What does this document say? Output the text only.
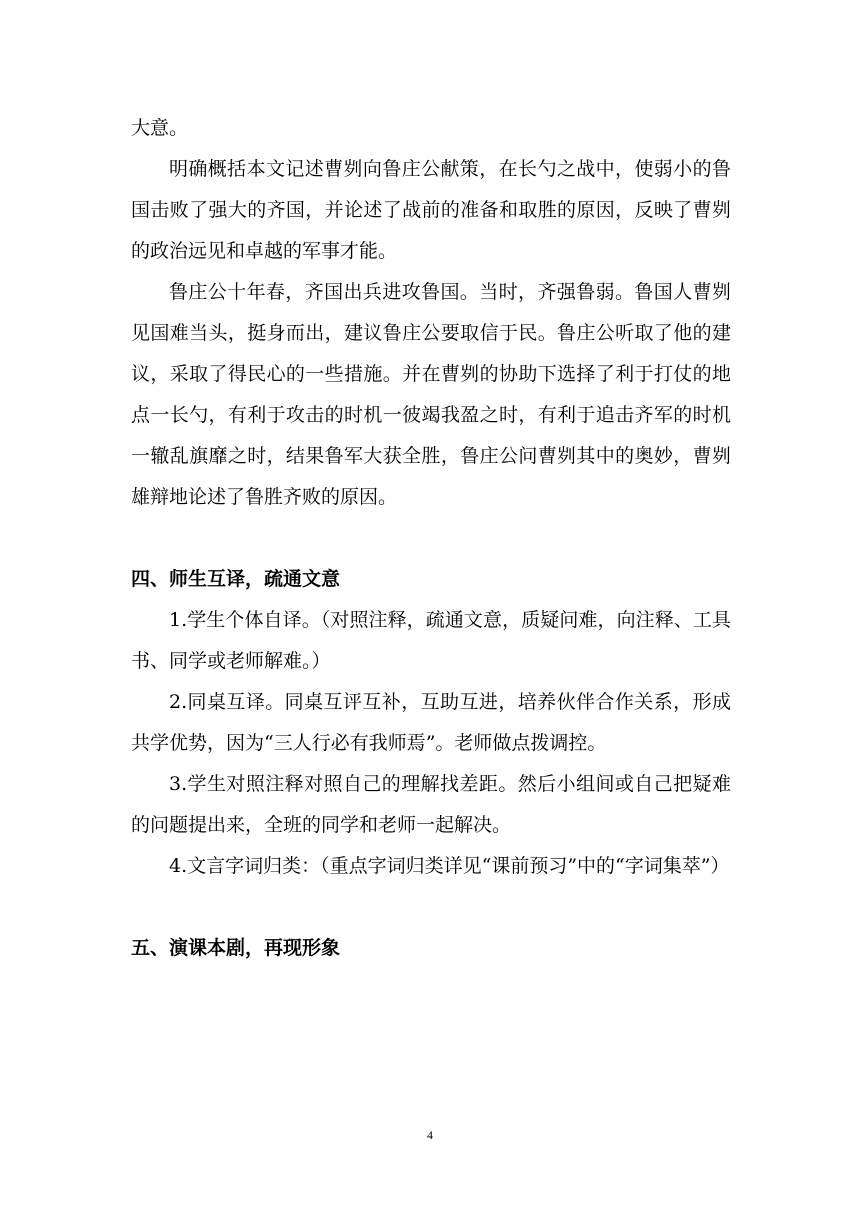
大意。

明确概括本文记述曹刿向鲁庄公献策，在长勺之战中，使弱小的鲁国击败了强大的齐国，并论述了战前的准备和取胜的原因，反映了曹刿的政治远见和卓越的军事才能。

鲁庄公十年春，齐国出兵进攻鲁国。当时，齐强鲁弱。鲁国人曹刿见国难当头，挺身而出，建议鲁庄公要取信于民。鲁庄公听取了他的建议，采取了得民心的一些措施。并在曹刿的协助下选择了利于打仗的地点一长勺，有利于攻击的时机一彼竭我盈之时，有利于追击齐军的时机一辙乱旗靡之时，结果鲁军大获全胜，鲁庄公问曹刿其中的奥妙，曹刿雄辩地论述了鲁胜齐败的原因。

四、师生互译，疏通文意

1.学生个体自译。（对照注释，疏通文意，质疑问难，向注释、工具书、同学或老师解难。）

2.同桌互译。同桌互评互补，互助互进，培养伙伴合作关系，形成共学优势，因为“三人行必有我师焉”。老师做点拨调控。

3.学生对照注释对照自己的理解找差距。然后小组间或自己把疑难的问题提出来，全班的同学和老师一起解决。

4.文言字词归类：（重点字词归类详见“课前预习”中的“字词集萃”）

五、演课本剧，再现形象

4
